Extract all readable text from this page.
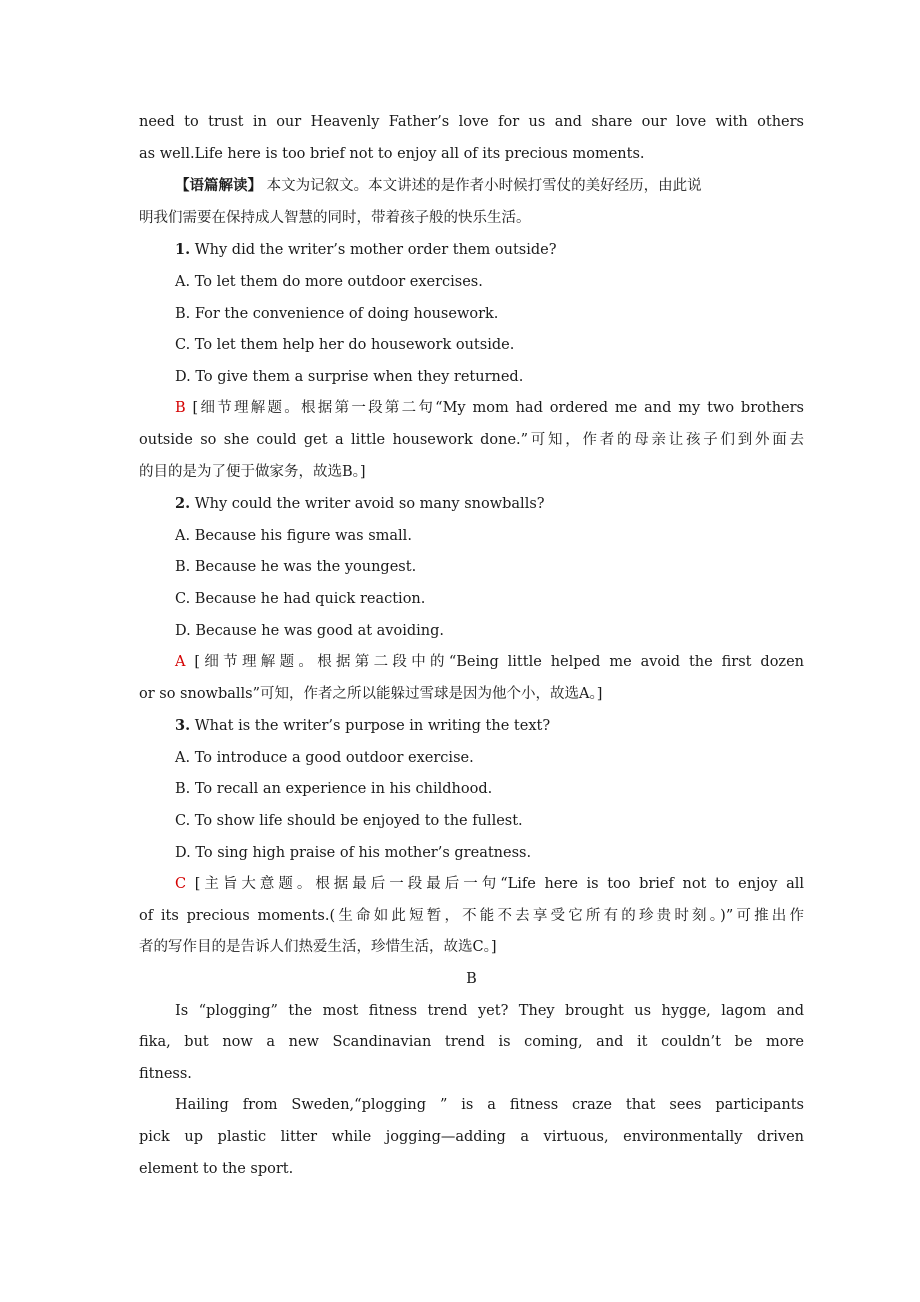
need to trust in our Heavenly Father’s love for us and share our love with others
as well.Life here is too brief not to enjoy all of its precious moments.
【语篇解读】 本文为记叙文。本文讲述的是作者小时候打雪仗的美好经历，由此说
明我们需要在保持成人智慧的同时，带着孩子般的快乐生活。
1. Why did the writer’s mother order them outside?
A. To let them do more outdoor exercises.
B. For the convenience of doing housework.
C. To let them help her do housework outside.
D. To give them a surprise when they returned.
B [细节理解题。根据第一段第二句“My mom had ordered me and my two brothers
outside so she could get a little housework done.”可知，作者的母亲让孩子们到外面去
的目的是为了便于做家务，故选B。]
2. Why could the writer avoid so many snowballs?
A. Because his figure was small.
B. Because he was the youngest.
C. Because he had quick reaction.
D. Because he was good at avoiding.
A [细节理解题。根据第二段中的“Being little helped me avoid the first dozen
or so snowballs”可知，作者之所以能躲过雪球是因为他个小，故选A。]
3. What is the writer’s purpose in writing the text?
A. To introduce a good outdoor exercise.
B. To recall an experience in his childhood.
C. To show life should be enjoyed to the fullest.
D. To sing high praise of his mother’s greatness.
C [主旨大意题。根据最后一段最后一句“Life here is too brief not to enjoy all
of its precious moments.(生命如此短暂，不能不去享受它所有的珍贵时刻。)”可推出作
者的写作目的是告诉人们热爱生活，珍惜生活，故选C。]
B
Is “plogging” the most fitness trend yet? They brought us hygge, lagom and
fika, but now a new Scandinavian trend is coming, and it couldn’t be more
fitness.
Hailing from Sweden,“plogging ” is a fitness craze that sees participants
pick up plastic litter while jogging—adding a virtuous, environmentally driven
element to the sport.
